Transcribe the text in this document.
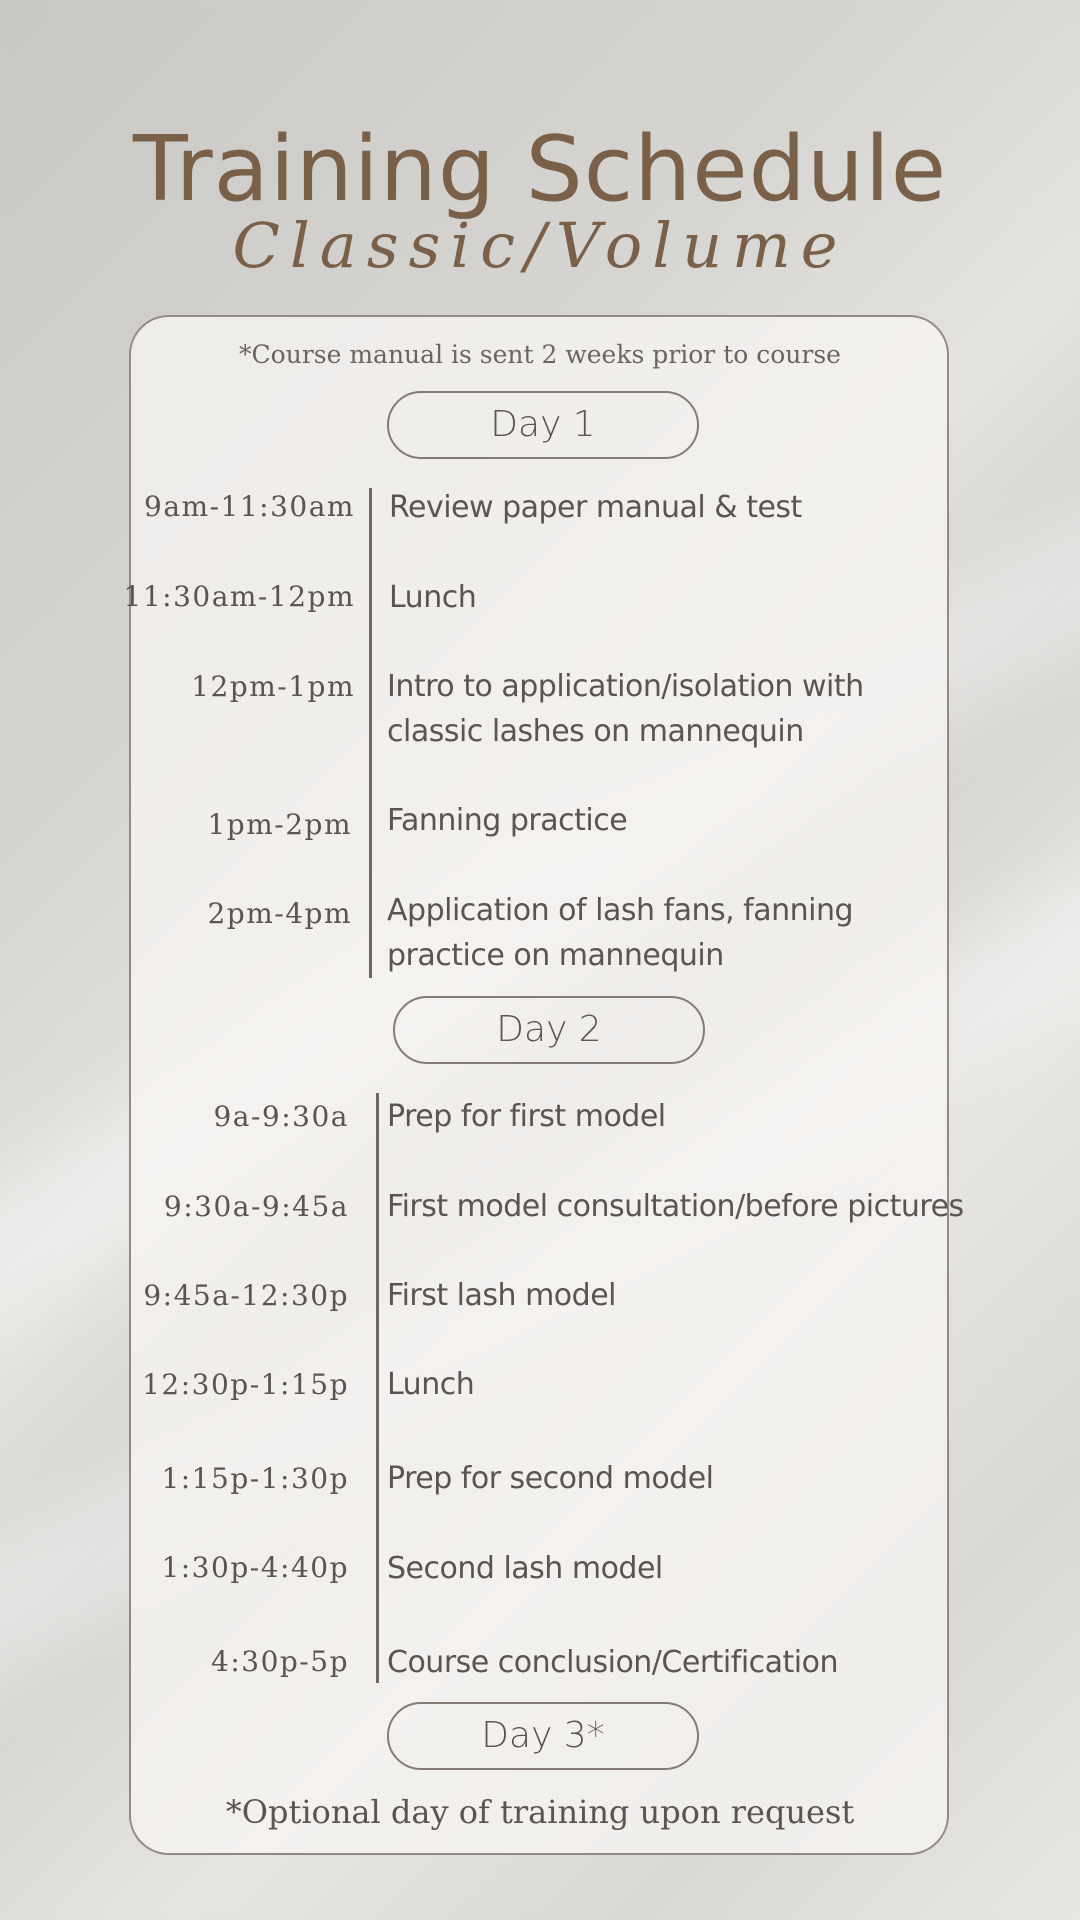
Training Schedule
Classic/Volume
*Course manual is sent 2 weeks prior to course
Day 1
9am-11:30am Review paper manual & test
11:30am-12pm Lunch
12pm-1pm Intro to application/isolation with
classic lashes on mannequin
1pm-2pm Fanning practice
2pm-4pm Application of lash fans, fanning
practice on mannequin
Day 2
9a-9:30a Prep for first model
9:30a-9:45a First model consultation/before pictures
9:45a-12:30p First lash model
12:30p-1:15p Lunch
1:15p-1:30p Prep for second model
1:30p-4:40p Second lash model
4:30p-5p Course conclusion/Certification
Day 3*
*Optional day of training upon request
